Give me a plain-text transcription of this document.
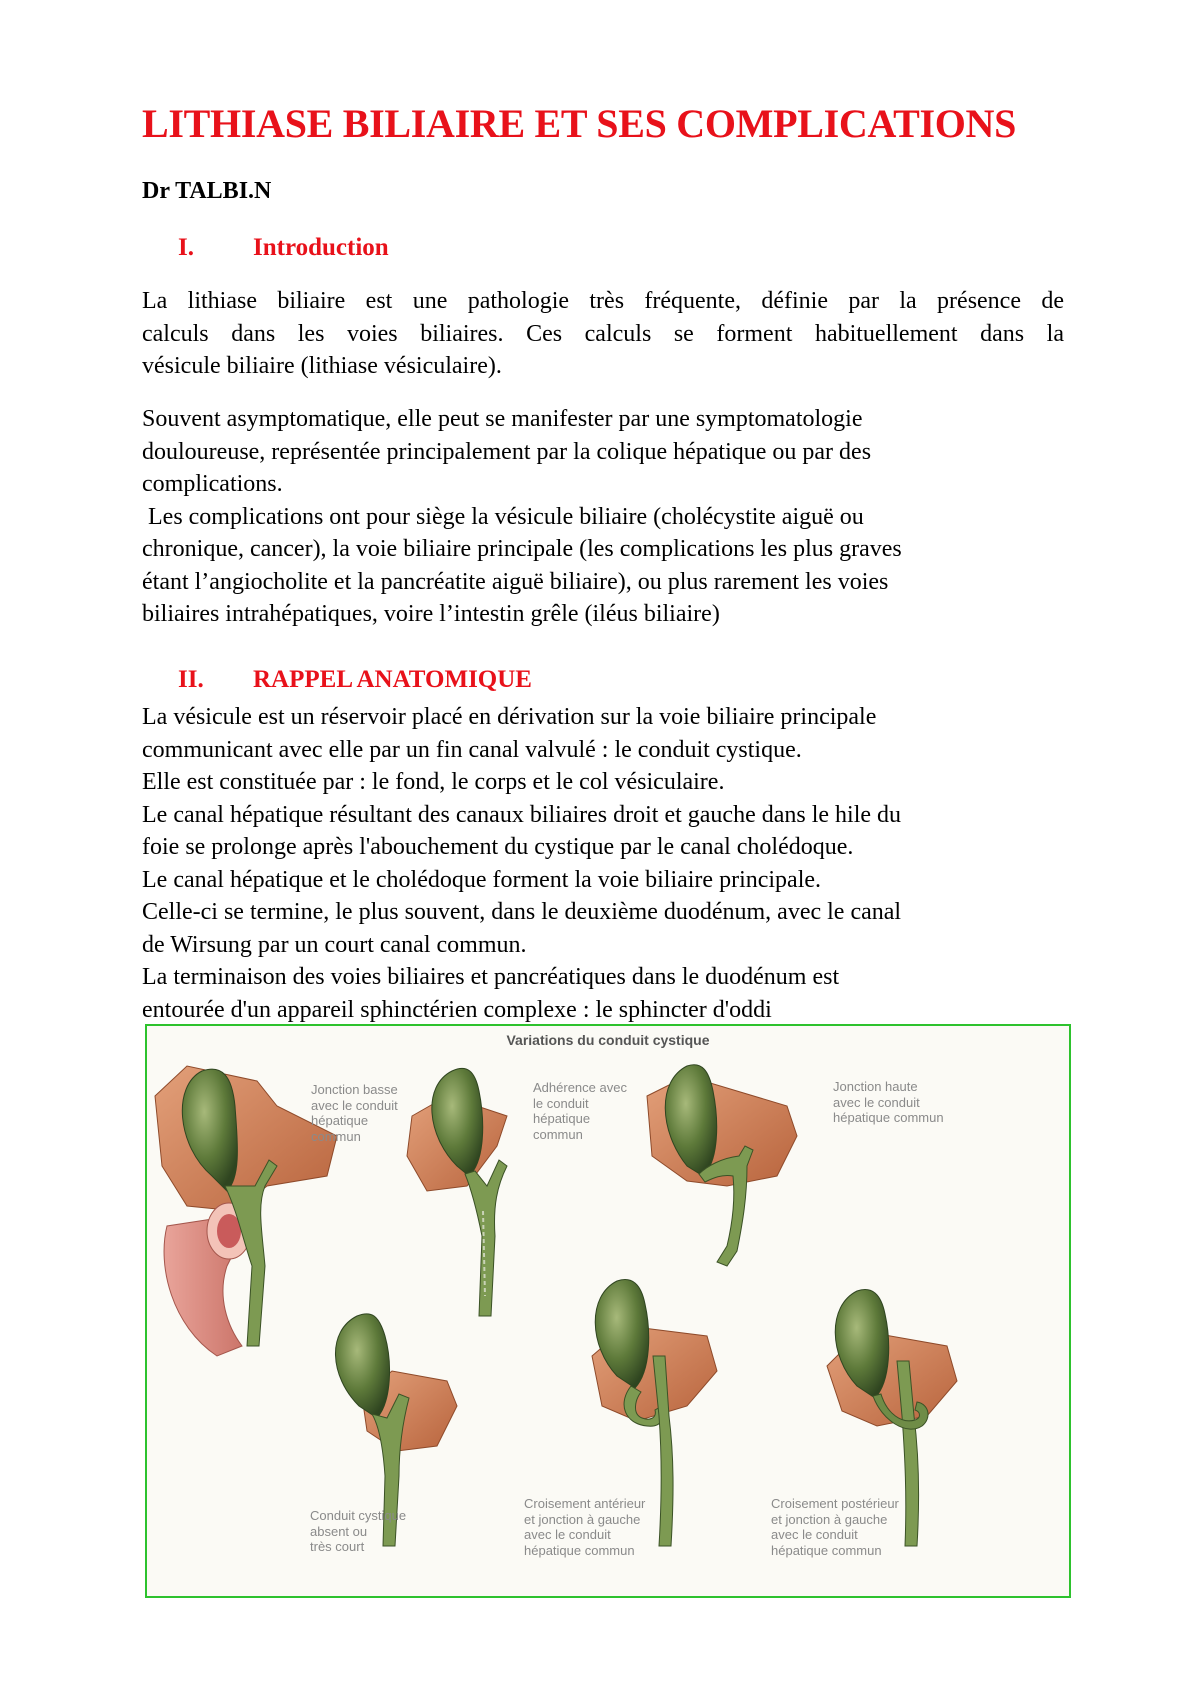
LITHIASE BILIAIRE ET SES COMPLICATIONS

Dr TALBI.N

I. Introduction

La lithiase biliaire est une pathologie très fréquente, définie par la présence de
calculs dans les voies biliaires. Ces calculs se forment habituellement dans la
vésicule biliaire (lithiase vésiculaire).

Souvent asymptomatique, elle peut se manifester par une symptomatologie
douloureuse, représentée principalement par la colique hépatique ou par des
complications.
Les complications ont pour siège la vésicule biliaire (cholécystite aiguë ou
chronique, cancer), la voie biliaire principale (les complications les plus graves
étant l’angiocholite et la pancréatite aiguë biliaire), ou plus rarement les voies
biliaires intrahépatiques, voire l’intestin grêle (iléus biliaire)

II. RAPPEL ANATOMIQUE

La vésicule est un réservoir placé en dérivation sur la voie biliaire principale
communicant avec elle par un fin canal valvulé : le conduit cystique.
Elle est constituée par : le fond, le corps et le col vésiculaire.
Le canal hépatique résultant des canaux biliaires droit et gauche dans le hile du
foie se prolonge après l'abouchement du cystique par le canal cholédoque.
Le canal hépatique et le cholédoque forment la voie biliaire principale.
Celle-ci se termine, le plus souvent, dans le deuxième duodénum, avec le canal
de Wirsung par un court canal commun.
La terminaison des voies biliaires et pancréatiques dans le duodénum est
entourée d'un appareil sphinctérien complexe : le sphincter d'oddi

Variations du conduit cystique

Jonction basse
avec le conduit
hépatique
commun
Adhérence avec
le conduit
hépatique
commun
Jonction haute
avec le conduit
hépatique commun
Conduit cystique
absent ou
très court
Croisement antérieur
et jonction à gauche
avec le conduit
hépatique commun
Croisement postérieur
et jonction à gauche
avec le conduit
hépatique commun
